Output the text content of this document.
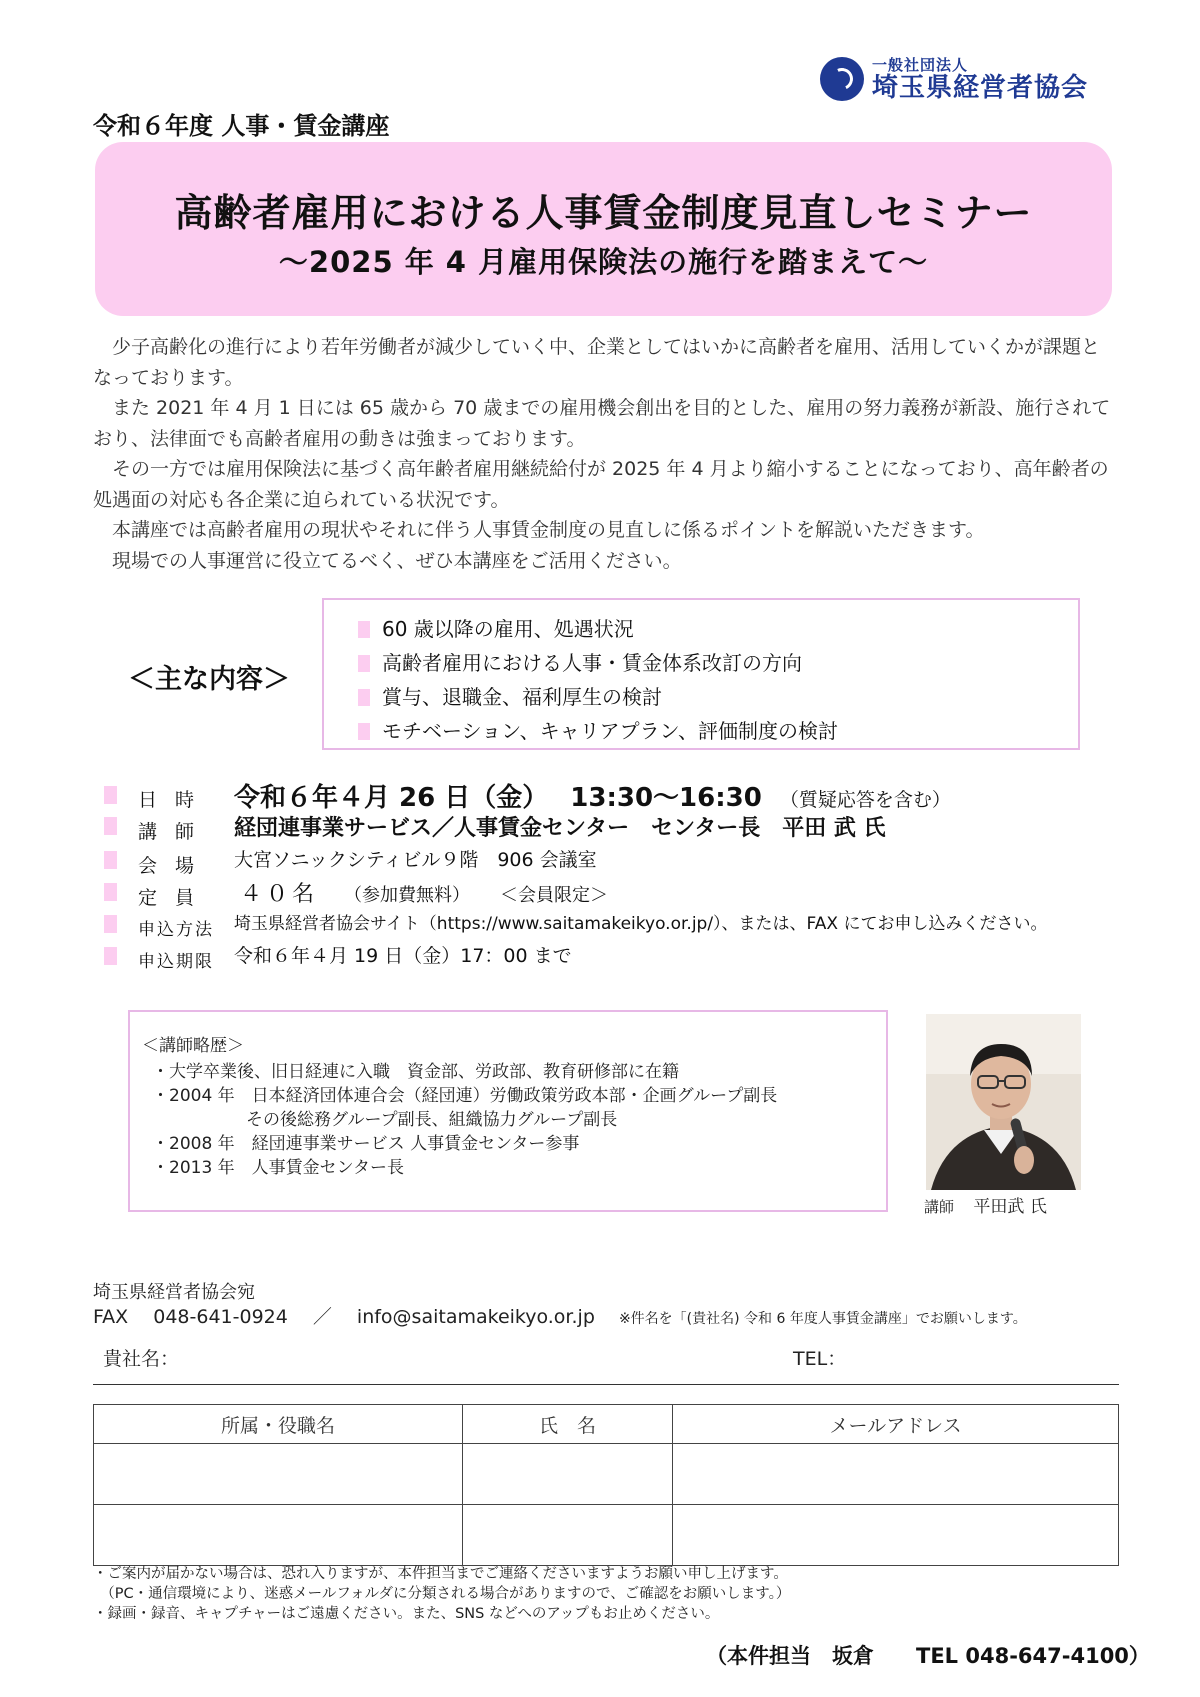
一般社団法人
埼玉県経営者協会
令和６年度 人事・賃金講座
高齢者雇用における人事賃金制度見直しセミナー
～2025 年 4 月雇用保険法の施行を踏まえて～

少子高齢化の進行により若年労働者が減少していく中、企業としてはいかに高齢者を雇用、活用していくかが課題となっております。

また 2021 年 4 月 1 日には 65 歳から 70 歳までの雇用機会創出を目的とした、雇用の努力義務が新設、施行されており、法律面でも高齢者雇用の動きは強まっております。

その一方では雇用保険法に基づく高年齢者雇用継続給付が 2025 年 4 月より縮小することになっており、高年齢者の処遇面の対応も各企業に迫られている状況です。

本講座では高齢者雇用の現状やそれに伴う人事賃金制度の見直しに係るポイントを解説いただきます。

現場での人事運営に役立てるべく、ぜひ本講座をご活用ください。

＜主な内容＞
60 歳以降の雇用、処遇状況
高齢者雇用における人事・賃金体系改訂の方向
賞与、退職金、福利厚生の検討
モチベーション、キャリアプラン、評価制度の検討
日時 令和６年４月 26 日（金） 13:30～16:30 （質疑応答を含む）
講師 経団連事業サービス／人事賃金センター　センター長　平田 武 氏
会場 大宮ソニックシティビル９階　906 会議室
定員 ４０名 （参加費無料） ＜会員限定＞
申込方法 埼玉県経営者協会サイト（https://www.saitamakeikyo.or.jp/）、または、FAX にてお申し込みください。
申込期限 令和６年４月 19 日（金）17：00 まで
＜講師略歴＞
・大学卒業後、旧日経連に入職　資金部、労政部、教育研修部に在籍
・2004 年　日本経済団体連合会（経団連）労働政策労政本部・企画グループ副長
その後総務グループ副長、組織協力グループ副長
・2008 年　経団連事業サービス 人事賃金センター参事
・2013 年　人事賃金センター長
講師 平田武 氏
埼玉県経営者協会宛
FAX　 048-641-0924　 ／　 info@saitamakeikyo.or.jp ※件名を「(貴社名) 令和 6 年度人事賃金講座」でお願いします。
貴社名：	TEL：
所属・役職名	氏　名	メールアドレス

・ご案内が届かない場合は、恐れ入りますが、本件担当までご連絡くださいますようお願い申し上げます。
　（PC・通信環境により、迷惑メールフォルダに分類される場合がありますので、ご確認をお願いします。）
・録画・録音、キャプチャーはご遠慮ください。また、SNS などへのアップもお止めください。
（本件担当　坂倉　　TEL 048-647-4100）
